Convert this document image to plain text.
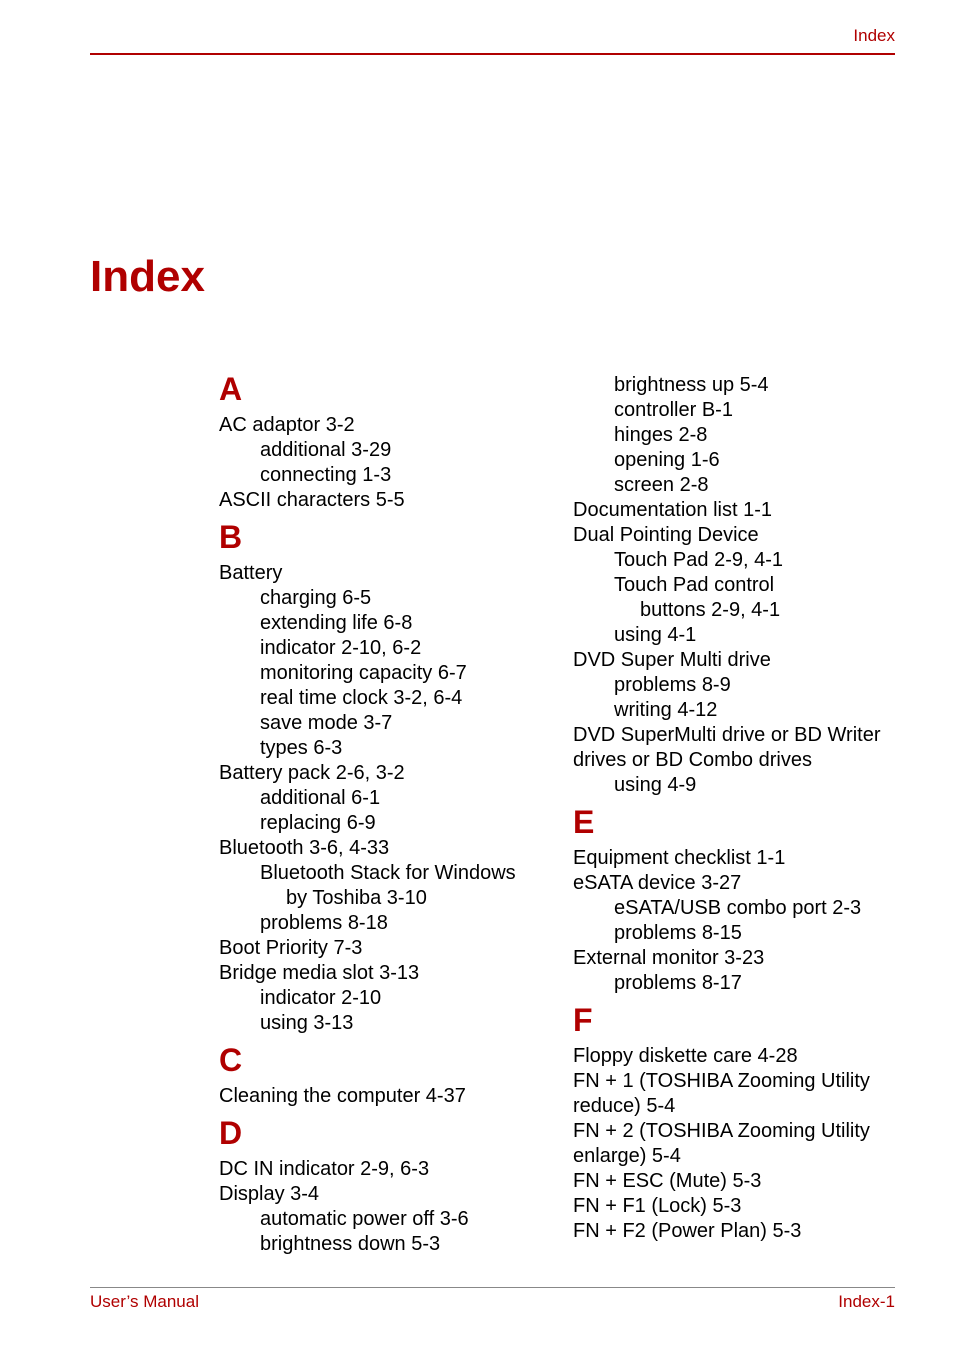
Index
Index
A
AC adaptor 3-2
additional 3-29
connecting 1-3
ASCII characters 5-5
B
Battery
charging 6-5
extending life 6-8
indicator 2-10, 6-2
monitoring capacity 6-7
real time clock 3-2, 6-4
save mode 3-7
types 6-3
Battery pack 2-6, 3-2
additional 6-1
replacing 6-9
Bluetooth 3-6, 4-33
Bluetooth Stack for Windows
by Toshiba 3-10
problems 8-18
Boot Priority 7-3
Bridge media slot 3-13
indicator 2-10
using 3-13
C
Cleaning the computer 4-37
D
DC IN indicator 2-9, 6-3
Display 3-4
automatic power off 3-6
brightness down 5-3
brightness up 5-4
controller B-1
hinges 2-8
opening 1-6
screen 2-8
Documentation list 1-1
Dual Pointing Device
Touch Pad 2-9, 4-1
Touch Pad control
buttons 2-9, 4-1
using 4-1
DVD Super Multi drive
problems 8-9
writing 4-12
DVD SuperMulti drive or BD Writer
drives or BD Combo drives
using 4-9
E
Equipment checklist 1-1
eSATA device 3-27
eSATA/USB combo port 2-3
problems 8-15
External monitor 3-23
problems 8-17
F
Floppy diskette care 4-28
FN + 1 (TOSHIBA Zooming Utility
reduce) 5-4
FN + 2 (TOSHIBA Zooming Utility
enlarge) 5-4
FN + ESC (Mute) 5-3
FN + F1 (Lock) 5-3
FN + F2 (Power Plan) 5-3
User’s Manual	Index-1
